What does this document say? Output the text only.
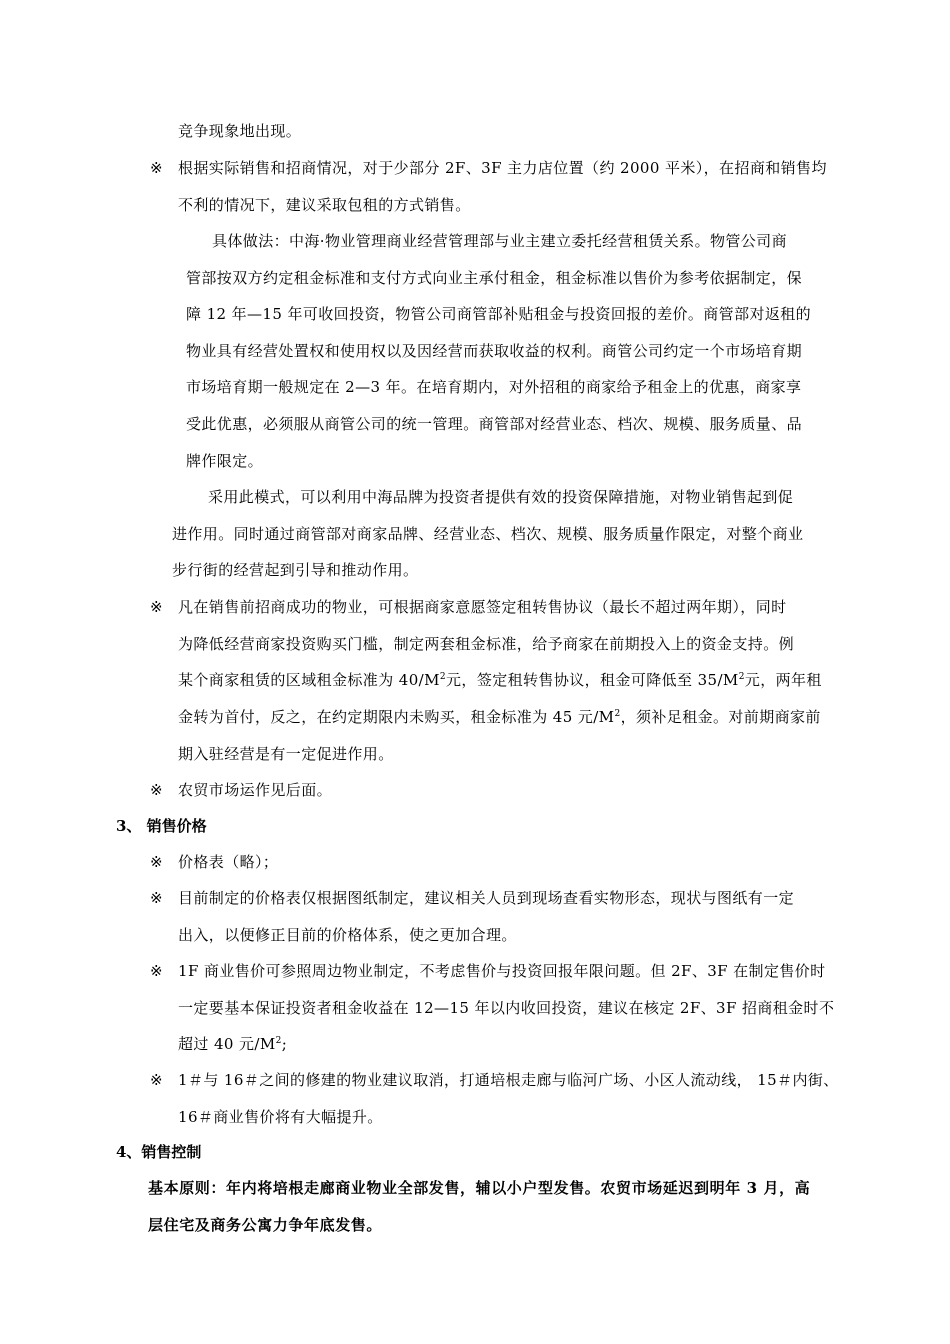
竞争现象地出现。
※ 根据实际销售和招商情况，对于少部分 2F、3F 主力店位置（约 2000 平米），在招商和销售均
不利的情况下，建议采取包租的方式销售。
具体做法：中海·物业管理商业经营管理部与业主建立委托经营租赁关系。物管公司商
管部按双方约定租金标准和支付方式向业主承付租金，租金标准以售价为参考依据制定，保
障 12 年—15 年可收回投资，物管公司商管部补贴租金与投资回报的差价。商管部对返租的
物业具有经营处置权和使用权以及因经营而获取收益的权利。商管公司约定一个市场培育期
市场培育期一般规定在 2—3 年。在培育期内，对外招租的商家给予租金上的优惠，商家享
受此优惠，必须服从商管公司的统一管理。商管部对经营业态、档次、规模、服务质量、品
牌作限定。
采用此模式，可以利用中海品牌为投资者提供有效的投资保障措施，对物业销售起到促
进作用。同时通过商管部对商家品牌、经营业态、档次、规模、服务质量作限定，对整个商业
步行街的经营起到引导和推动作用。
※ 凡在销售前招商成功的物业，可根据商家意愿签定租转售协议（最长不超过两年期），同时
为降低经营商家投资购买门槛，制定两套租金标准，给予商家在前期投入上的资金支持。例
某个商家租赁的区域租金标准为 $40/M^2$元，签定租转售协议，租金可降低至 $35/M^2$元，两年租
金转为首付，反之，在约定期限内未购买，租金标准为 45 元$/M^2$，须补足租金。对前期商家前
期入驻经营是有一定促进作用。
※ 农贸市场运作见后面。
3、 销售价格
※ 价格表（略）；
※ 目前制定的价格表仅根据图纸制定，建议相关人员到现场查看实物形态，现状与图纸有一定
出入，以便修正目前的价格体系，使之更加合理。
※ 1F 商业售价可参照周边物业制定，不考虑售价与投资回报年限问题。但 2F、3F 在制定售价时
一定要基本保证投资者租金收益在 12—15 年以内收回投资，建议在核定 2F、3F 招商租金时不
超过 40 元$/M^2$;
※ 1＃与 16＃之间的修建的物业建议取消，打通培根走廊与临河广场、小区人流动线， 15＃内街、
16＃商业售价将有大幅提升。
4、销售控制
基本原则：年内将培根走廊商业物业全部发售，辅以小户型发售。农贸市场延迟到明年 3 月，高
层住宅及商务公寓力争年底发售。
